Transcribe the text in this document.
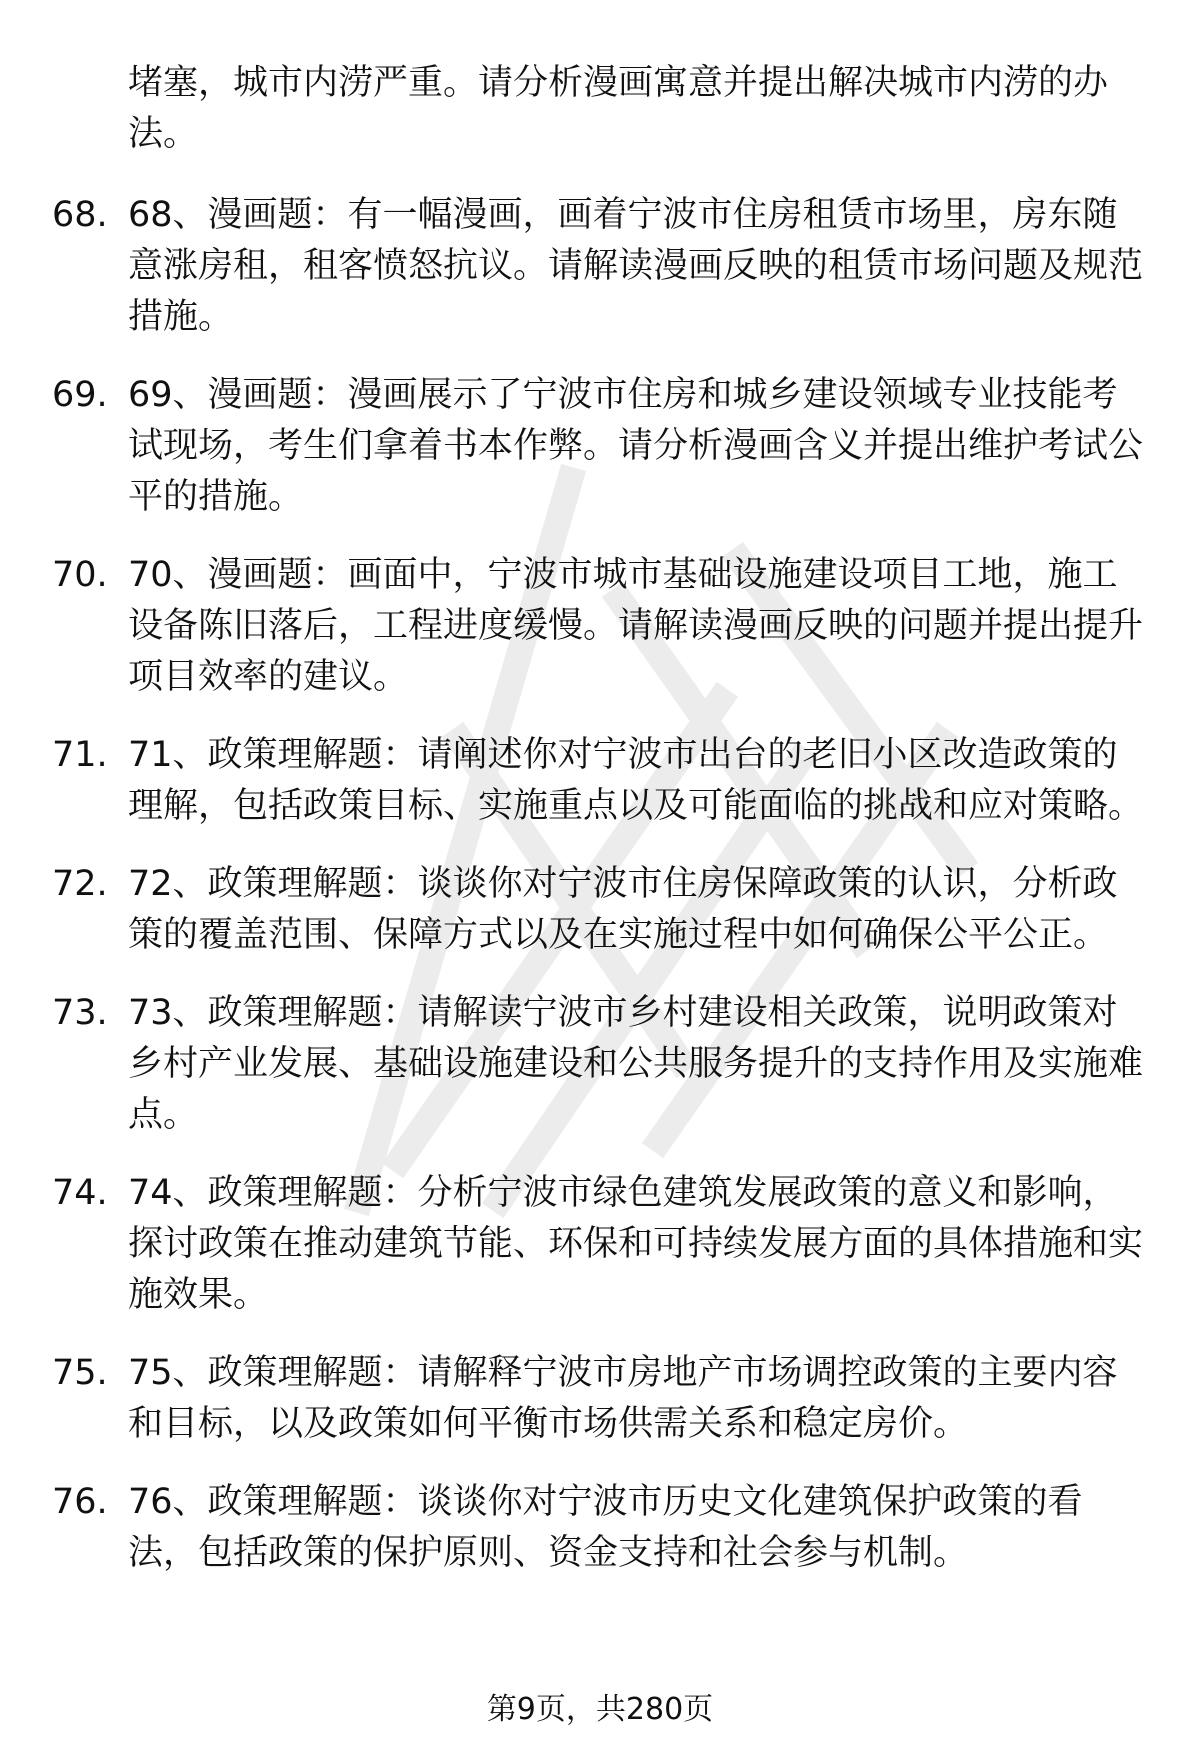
堵塞，城市内涝严重。请分析漫画寓意并提出解决城市内涝的办法。
68. 68、漫画题：有一幅漫画，画着宁波市住房租赁市场里，房东随意涨房租，租客愤怒抗议。请解读漫画反映的租赁市场问题及规范措施。
69. 69、漫画题：漫画展示了宁波市住房和城乡建设领域专业技能考试现场，考生们拿着书本作弊。请分析漫画含义并提出维护考试公平的措施。
70. 70、漫画题：画面中，宁波市城市基础设施建设项目工地，施工设备陈旧落后，工程进度缓慢。请解读漫画反映的问题并提出提升项目效率的建议。
71. 71、政策理解题：请阐述你对宁波市出台的老旧小区改造政策的理解，包括政策目标、实施重点以及可能面临的挑战和应对策略。
72. 72、政策理解题：谈谈你对宁波市住房保障政策的认识，分析政策的覆盖范围、保障方式以及在实施过程中如何确保公平公正。
73. 73、政策理解题：请解读宁波市乡村建设相关政策，说明政策对乡村产业发展、基础设施建设和公共服务提升的支持作用及实施难点。
74. 74、政策理解题：分析宁波市绿色建筑发展政策的意义和影响，探讨政策在推动建筑节能、环保和可持续发展方面的具体措施和实施效果。
75. 75、政策理解题：请解释宁波市房地产市场调控政策的主要内容和目标，以及政策如何平衡市场供需关系和稳定房价。
76. 76、政策理解题：谈谈你对宁波市历史文化建筑保护政策的看法，包括政策的保护原则、资金支持和社会参与机制。
第9页，共280页
